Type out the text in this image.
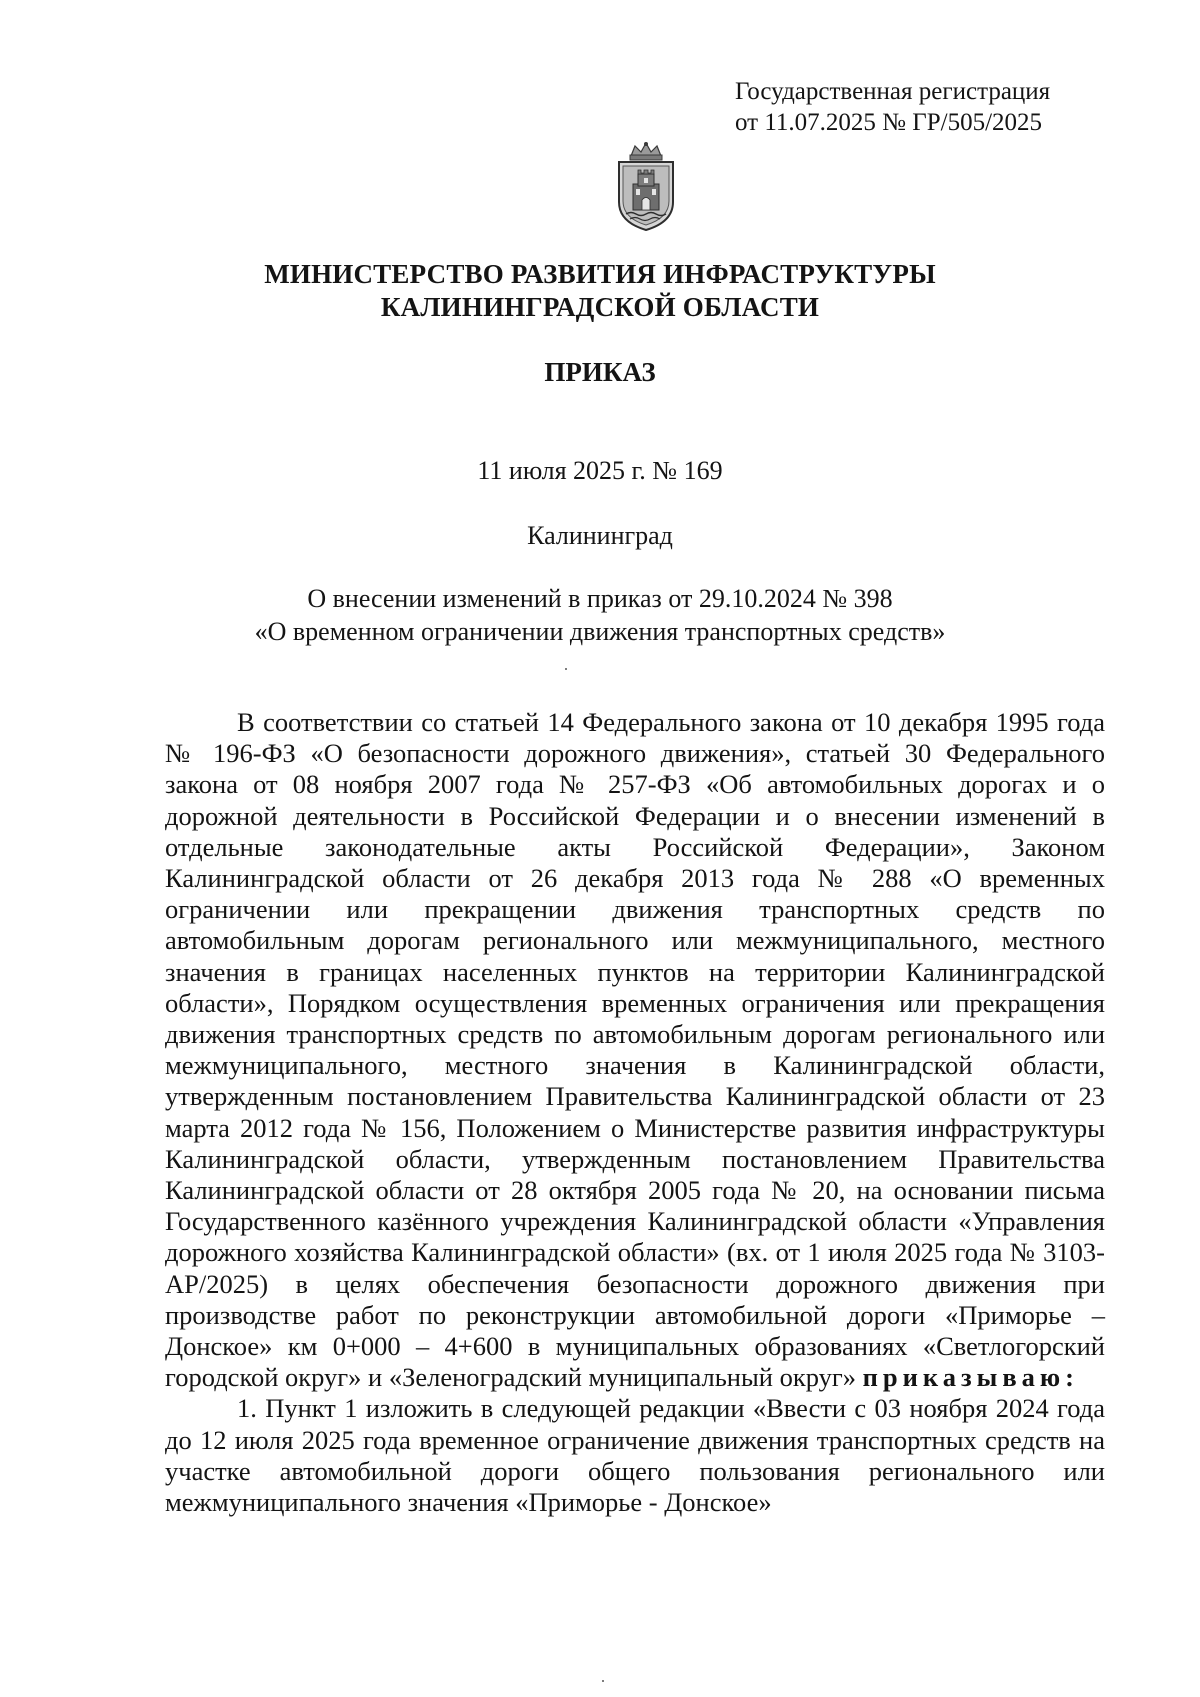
Государственная регистрация
от 11.07.2025 № ГР/505/2025
МИНИСТЕРСТВО РАЗВИТИЯ ИНФРАСТРУКТУРЫ
КАЛИНИНГРАДСКОЙ ОБЛАСТИ
ПРИКАЗ
11 июля 2025 г. № 169
Калининград
О внесении изменений в приказ от 29.10.2024 № 398
«О временном ограничении движения транспортных средств»

В соответствии со статьей 14 Федерального закона от 10 декабря 1995 года № 196-ФЗ «О безопасности дорожного движения», статьей 30 Федерального закона от 08 ноября 2007 года № 257-ФЗ «Об автомобильных дорогах и о дорожной деятельности в Российской Федерации и о внесении изменений в отдельные законодательные акты Российской Федерации», Законом Калининградской области от 26 декабря 2013 года № 288 «О временных ограничении или прекращении движения транспортных средств по автомобильным дорогам регионального или межмуниципального, местного значения в границах населенных пунктов на территории Калининградской области», Порядком осуществления временных ограничения или прекращения движения транспортных средств по автомобильным дорогам регионального или межмуниципального, местного значения в Калининградской области, утвержденным постановлением Правительства Калининградской области от 23 марта 2012 года № 156, Положением о Министерстве развития инфраструктуры Калининградской области, утвержденным постановлением Правительства Калининградской области от 28 октября 2005 года № 20, на основании письма Государственного казённого учреждения Калининградской области «Управления дорожного хозяйства Калининградской области» (вх. от 1 июля 2025 года № 3103-АР/2025) в целях обеспечения безопасности дорожного движения при производстве работ по реконструкции автомобильной дороги «Приморье – Донское» км 0+000 – 4+600 в муниципальных образованиях «Светлогорский городской округ» и «Зеленоградский муниципальный округ» приказываю:

1. Пункт 1 изложить в следующей редакции «Ввести с 03 ноября 2024 года до 12 июля 2025 года временное ограничение движения транспортных средств на участке автомобильной дороги общего пользования регионального или межмуниципального значения «Приморье - Донское»
